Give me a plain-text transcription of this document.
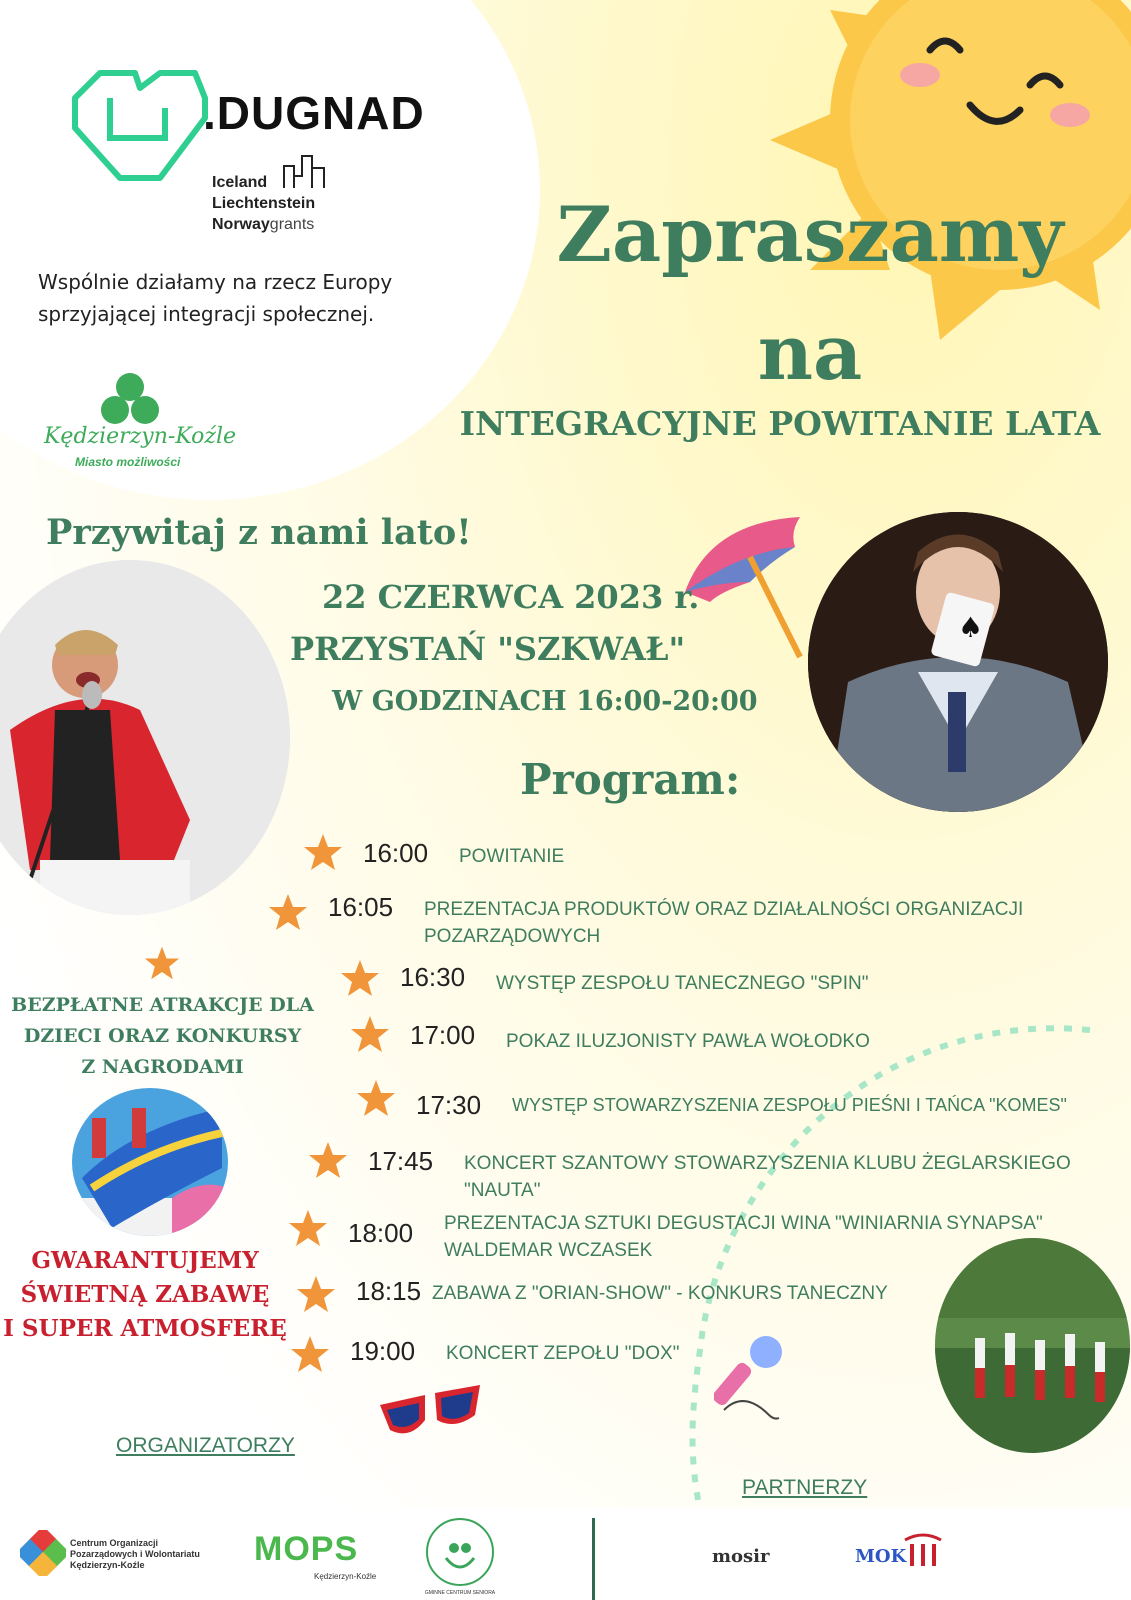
.DUGNAD
Iceland
Liechtenstein
Norwaygrants
Wspólnie działamy na rzecz Europy
sprzyjającej integracji społecznej.
Kędzierzyn-Koźle
Miasto możliwości
Zapraszamy
na
INTEGRACYJNE POWITANIE LATA
Przywitaj z nami lato!
22 CZERWCA 2023 r.
PRZYSTAŃ "SZKWAŁ"
W GODZINACH 16:00-20:00
♠
Program:
16:00	POWITANIE
16:05	PREZENTACJA PRODUKTÓW ORAZ DZIAŁALNOŚCI ORGANIZACJI POZARZĄDOWYCH
16:30	WYSTĘP ZESPOŁU TANECZNEGO "SPIN"
17:00	POKAZ ILUZJONISTY PAWŁA WOŁODKO
17:30	WYSTĘP STOWARZYSZENIA ZESPOŁU PIEŚNI I TAŃCA "KOMES"
17:45	KONCERT SZANTOWY STOWARZYSZENIA KLUBU ŻEGLARSKIEGO "NAUTA"
18:00	PREZENTACJA SZTUKI DEGUSTACJI WINA "WINIARNIA SYNAPSA" WALDEMAR WCZASEK
18:15 ZABAWA Z "ORIAN-SHOW" - KONKURS TANECZNY
19:00	KONCERT ZEPOŁU "DOX"
BEZPŁATNE ATRAKCJE DLA
DZIECI ORAZ KONKURSY
Z NAGRODAMI
GWARANTUJEMY
ŚWIETNĄ ZABAWĘ
I SUPER ATMOSFERĘ
ORGANIZATORZY
PARTNERZY
Centrum Organizacji
Pozarządowych i Wolontariatu
Kędzierzyn-Koźle	MOPS
Kędzierzyn-Koźle
GMINNE CENTRUM SENIORA
mosir	MOK
